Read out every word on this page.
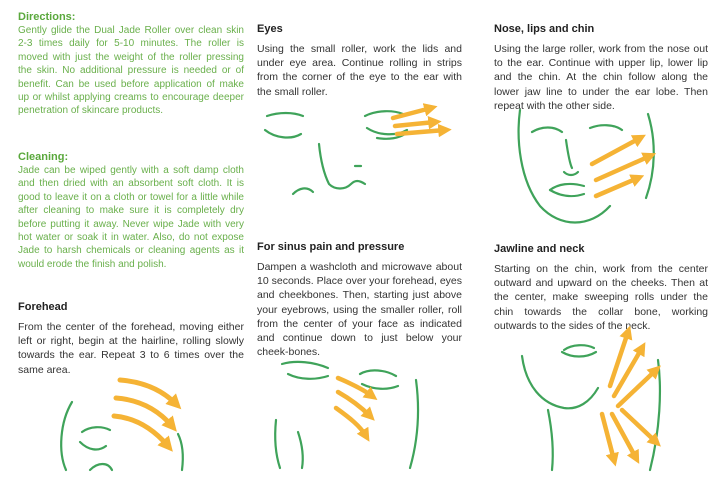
Directions:

Gently glide the Dual Jade Roller over clean skin 2-3 times daily for 5-10 minutes. The roller is moved with just the weight of the roller pressing the skin. No additional pressure is needed or of benefit. Can be used before application of make up or whilst applying creams to encourage deeper penetration of skincare products.

Cleaning:

Jade can be wiped gently with a soft damp cloth and then dried with an absorbent soft cloth. It is good to leave it on a cloth or towel for a little while after cleaning to make sure it is completely dry before putting it away. Never wipe Jade with very hot water or soak it in water. Also, do not expose Jade to harsh chemicals or cleaning agents as it would erode the finish and polish.

Forehead

From the center of the forehead, moving either left or right, begin at the hairline, rolling slowly towards the ear. Repeat 3 to 6 times over the same area.

Eyes

Using the small roller, work the lids and under eye area. Continue rolling in strips from the corner of the eye to the ear with the small roller.

For sinus pain and pressure

Dampen a washcloth and microwave about 10 seconds. Place over your forehead, eyes and cheekbones. Then, starting just above your eyebrows, using the smaller roller, roll from the center of your face as indicated and continue down to just below your cheek-bones.

Nose, lips and chin

Using the large roller, work from the nose out to the ear. Continue with upper lip, lower lip and the chin. At the chin follow along the lower jaw line to under the ear lobe. Then repeat with the other side.

Jawline and neck

Starting on the chin, work from the center outward and upward on the cheeks. Then at the center, make sweeping rolls under the chin towards the collar bone, working outwards to the sides of the neck.
